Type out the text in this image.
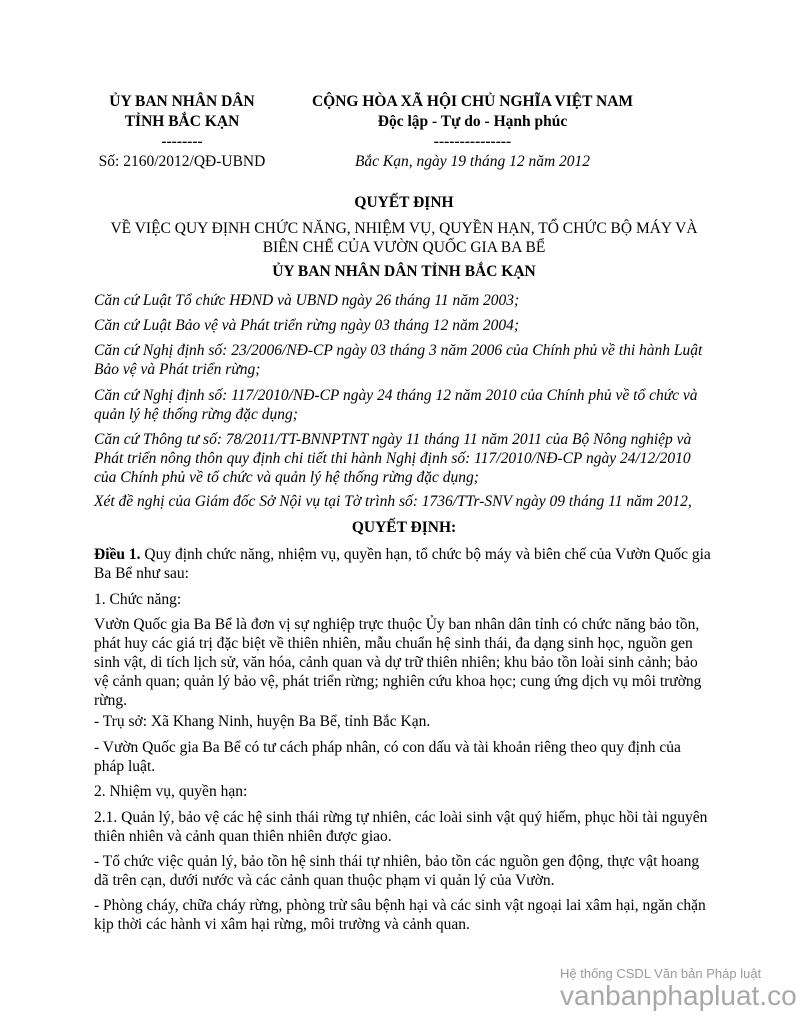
ỦY BAN NHÂN DÂN
TỈNH BẮC KẠN
--------
Số: 2160/2012/QĐ-UBND
CỘNG HÒA XÃ HỘI CHỦ NGHĨA VIỆT NAM
Độc lập - Tự do - Hạnh phúc
---------------
Bắc Kạn, ngày 19 tháng 12 năm 2012

QUYẾT ĐỊNH

VỀ VIỆC QUY ĐỊNH CHỨC NĂNG, NHIỆM VỤ, QUYỀN HẠN, TỔ CHỨC BỘ MÁY VÀ
BIÊN CHẾ CỦA VƯỜN QUỐC GIA BA BỂ

ỦY BAN NHÂN DÂN TỈNH BẮC KẠN

Căn cứ Luật Tổ chức HĐND và UBND ngày 26 tháng 11 năm 2003;

Căn cứ Luật Bảo vệ và Phát triển rừng ngày 03 tháng 12 năm 2004;

Căn cứ Nghị định số: 23/2006/NĐ-CP ngày 03 tháng 3 năm 2006 của Chính phủ về thi hành Luật Bảo vệ và Phát triển rừng;

Căn cứ Nghị định số: 117/2010/NĐ-CP ngày 24 tháng 12 năm 2010 của Chính phủ về tổ chức và quản lý hệ thống rừng đặc dụng;

Căn cứ Thông tư số: 78/2011/TT-BNNPTNT ngày 11 tháng 11 năm 2011 của Bộ Nông nghiệp và Phát triển nông thôn quy định chi tiết thi hành Nghị định số: 117/2010/NĐ-CP ngày 24/12/2010 của Chính phủ về tổ chức và quản lý hệ thống rừng đặc dụng;

Xét đề nghị của Giám đốc Sở Nội vụ tại Tờ trình số: 1736/TTr-SNV ngày 09 tháng 11 năm 2012,

QUYẾT ĐỊNH:

Điều 1. Quy định chức năng, nhiệm vụ, quyền hạn, tổ chức bộ máy và biên chế của Vườn Quốc gia Ba Bể như sau:

1. Chức năng:

Vườn Quốc gia Ba Bể là đơn vị sự nghiệp trực thuộc Ủy ban nhân dân tỉnh có chức năng bảo tồn, phát huy các giá trị đặc biệt về thiên nhiên, mẫu chuẩn hệ sinh thái, đa dạng sinh học, nguồn gen sinh vật, di tích lịch sử, văn hóa, cảnh quan và dự trữ thiên nhiên; khu bảo tồn loài sinh cảnh; bảo vệ cảnh quan; quản lý bảo vệ, phát triển rừng; nghiên cứu khoa học; cung ứng dịch vụ môi trường rừng.

- Trụ sở: Xã Khang Ninh, huyện Ba Bể, tỉnh Bắc Kạn.

- Vườn Quốc gia Ba Bể có tư cách pháp nhân, có con dấu và tài khoản riêng theo quy định của pháp luật.

2. Nhiệm vụ, quyền hạn:

2.1. Quản lý, bảo vệ các hệ sinh thái rừng tự nhiên, các loài sinh vật quý hiếm, phục hồi tài nguyên thiên nhiên và cảnh quan thiên nhiên được giao.

- Tổ chức việc quản lý, bảo tồn hệ sinh thái tự nhiên, bảo tồn các nguồn gen động, thực vật hoang dã trên cạn, dưới nước và các cảnh quan thuộc phạm vi quản lý của Vườn.

- Phòng cháy, chữa cháy rừng, phòng trừ sâu bệnh hại và các sinh vật ngoại lai xâm hại, ngăn chặn kịp thời các hành vi xâm hại rừng, môi trường và cảnh quan.

Hệ thống CSDL Văn bản Pháp luật
vanbanphapluat.co
